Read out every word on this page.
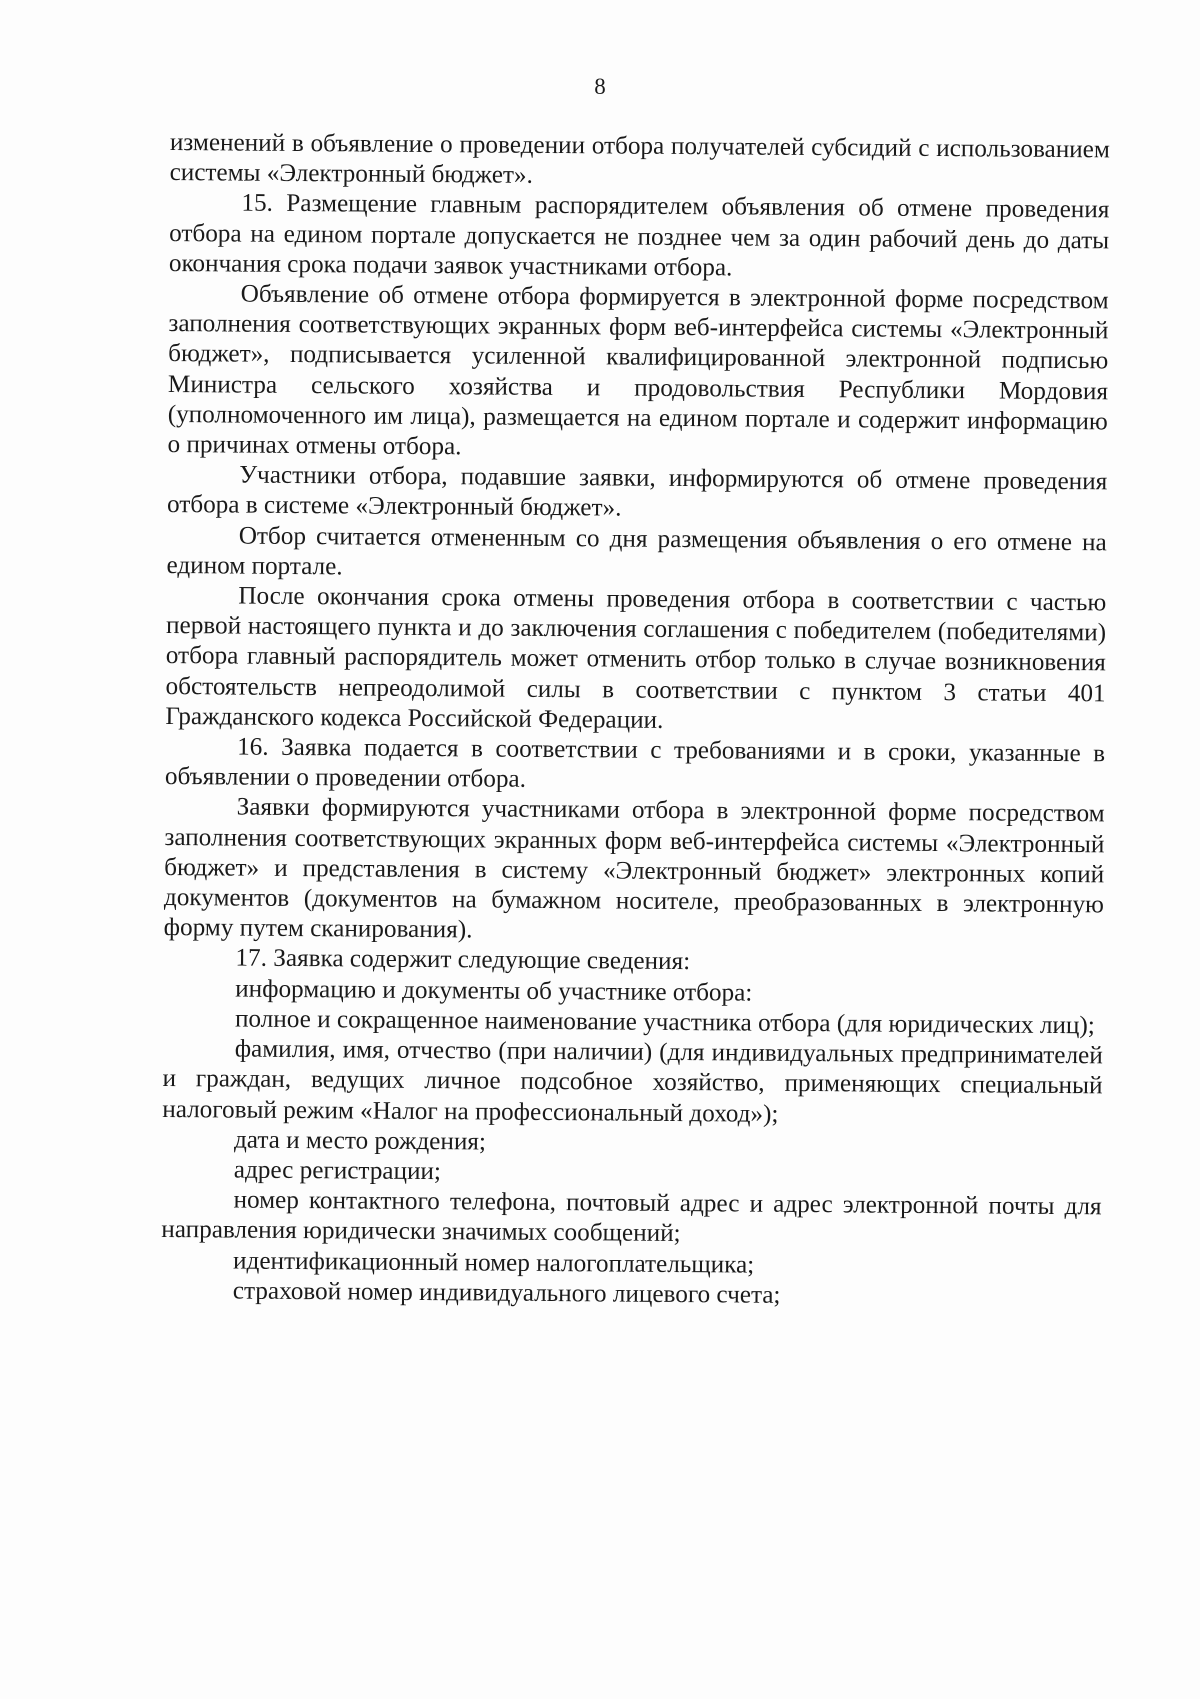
8

изменений в объявление о проведении отбора получателей субсидий с использованием системы «Электронный бюджет».

15. Размещение главным распорядителем объявления об отмене проведения отбора на едином портале допускается не позднее чем за один рабочий день до даты окончания срока подачи заявок участниками отбора.

Объявление об отмене отбора формируется в электронной форме посредством заполнения соответствующих экранных форм веб-интерфейса системы «Электронный бюджет», подписывается усиленной квалифицированной электронной подписью Министра сельского хозяйства и продовольствия Республики Мордовия (уполномоченного им лица), размещается на едином портале и содержит информацию о причинах отмены отбора.

Участники отбора, подавшие заявки, информируются об отмене проведения отбора в системе «Электронный бюджет».

Отбор считается отмененным со дня размещения объявления о его отмене на едином портале.

После окончания срока отмены проведения отбора в соответствии с частью первой настоящего пункта и до заключения соглашения с победителем (победителями) отбора главный распорядитель может отменить отбор только в случае возникновения обстоятельств непреодолимой силы в соответствии с пунктом 3 статьи 401 Гражданского кодекса Российской Федерации.

16. Заявка подается в соответствии с требованиями и в сроки, указанные в объявлении о проведении отбора.

Заявки формируются участниками отбора в электронной форме посредством заполнения соответствующих экранных форм веб-интерфейса системы «Электронный бюджет» и представления в систему «Электронный бюджет» электронных копий документов (документов на бумажном носителе, преобразованных в электронную форму путем сканирования).

17. Заявка содержит следующие сведения:

информацию и документы об участнике отбора:

полное и сокращенное наименование участника отбора (для юридических лиц);

фамилия, имя, отчество (при наличии) (для индивидуальных предпринимателей и граждан, ведущих личное подсобное хозяйство, применяющих специальный налоговый режим «Налог на профессиональный доход»);

дата и место рождения;

адрес регистрации;

номер контактного телефона, почтовый адрес и адрес электронной почты для направления юридически значимых сообщений;

идентификационный номер налогоплательщика;

страховой номер индивидуального лицевого счета;
